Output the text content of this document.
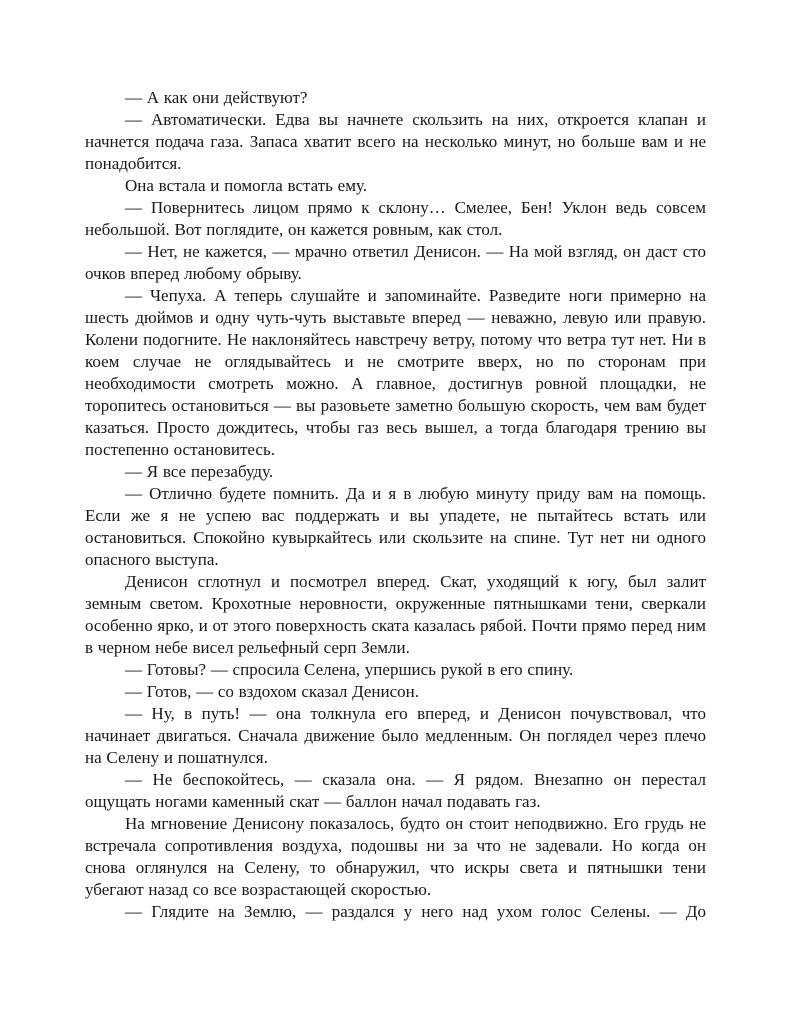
— А как они действуют?

— Автоматически. Едва вы начнете скользить на них, откроется клапан и начнется подача газа. Запаса хватит всего на несколько минут, но больше вам и не понадобится.

Она встала и помогла встать ему.

— Повернитесь лицом прямо к склону… Смелее, Бен! Уклон ведь совсем небольшой. Вот поглядите, он кажется ровным, как стол.

— Нет, не кажется, — мрачно ответил Денисон. — На мой взгляд, он даст сто очков вперед любому обрыву.

— Чепуха. А теперь слушайте и запоминайте. Разведите ноги примерно на шесть дюймов и одну чуть-чуть выставьте вперед — неважно, левую или правую. Колени подогните. Не наклоняйтесь навстречу ветру, потому что ветра тут нет. Ни в коем случае не оглядывайтесь и не смотрите вверх, но по сторонам при необходимости смотреть можно. А главное, достигнув ровной площадки, не торопитесь остановиться — вы разовьете заметно большую скорость, чем вам будет казаться. Просто дождитесь, чтобы газ весь вышел, а тогда благодаря трению вы постепенно остановитесь.

— Я все перезабуду.

— Отлично будете помнить. Да и я в любую минуту приду вам на помощь. Если же я не успею вас поддержать и вы упадете, не пытайтесь встать или остановиться. Спокойно кувыркайтесь или скользите на спине. Тут нет ни одного опасного выступа.

Денисон сглотнул и посмотрел вперед. Скат, уходящий к югу, был залит земным светом. Крохотные неровности, окруженные пятнышками тени, сверкали особенно ярко, и от этого поверхность ската казалась рябой. Почти прямо перед ним в черном небе висел рельефный серп Земли.

— Готовы? — спросила Селена, упершись рукой в его спину.

— Готов, — со вздохом сказал Денисон.

— Ну, в путь! — она толкнула его вперед, и Денисон почувствовал, что начинает двигаться. Сначала движение было медленным. Он поглядел через плечо на Селену и пошатнулся.

— Не беспокойтесь, — сказала она. — Я рядом. Внезапно он перестал ощущать ногами каменный скат — баллон начал подавать газ.

На мгновение Денисону показалось, будто он стоит неподвижно. Его грудь не встречала сопротивления воздуха, подошвы ни за что не задевали. Но когда он снова оглянулся на Селену, то обнаружил, что искры света и пятнышки тени убегают назад со все возрастающей скоростью.

— Глядите на Землю, — раздался у него над ухом голос Селены. — До
